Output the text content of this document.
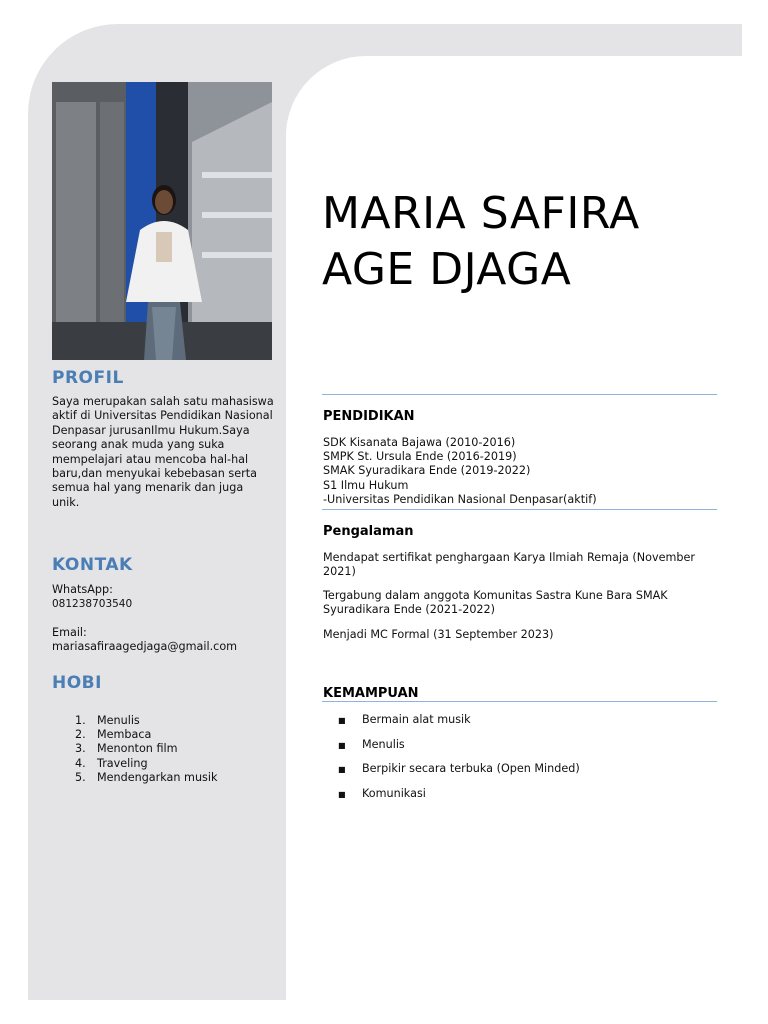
PROFIL
Saya merupakan salah satu mahasiswa
aktif di Universitas Pendidikan Nasional
Denpasar jurusanIlmu Hukum.Saya
seorang anak muda yang suka
mempelajari atau mencoba hal-hal
baru,dan menyukai kebebasan serta
semua hal yang menarik dan juga
unik.
KONTAK
WhatsApp:
081238703540
Email:
mariasafiraagedjaga@gmail.com
HOBI
1.	Menulis
2.	Membaca
3.	Menonton film
4.	Traveling
5.	Mendengarkan musik
MARIA SAFIRA
AGE DJAGA
PENDIDIKAN
SDK Kisanata Bajawa (2010-2016)
SMPK St. Ursula Ende (2016-2019)
SMAK Syuradikara Ende (2019-2022)
S1 Ilmu Hukum
-Universitas Pendidikan Nasional Denpasar(aktif)
Pengalaman
Mendapat sertifikat penghargaan Karya Ilmiah Remaja (November
2021)
Tergabung dalam anggota Komunitas Sastra Kune Bara SMAK
Syuradikara Ende (2021-2022)
Menjadi MC Formal (31 September 2023)
KEMAMPUAN
■	Bermain alat musik
■	Menulis
■	Berpikir secara terbuka (Open Minded)
■	Komunikasi
